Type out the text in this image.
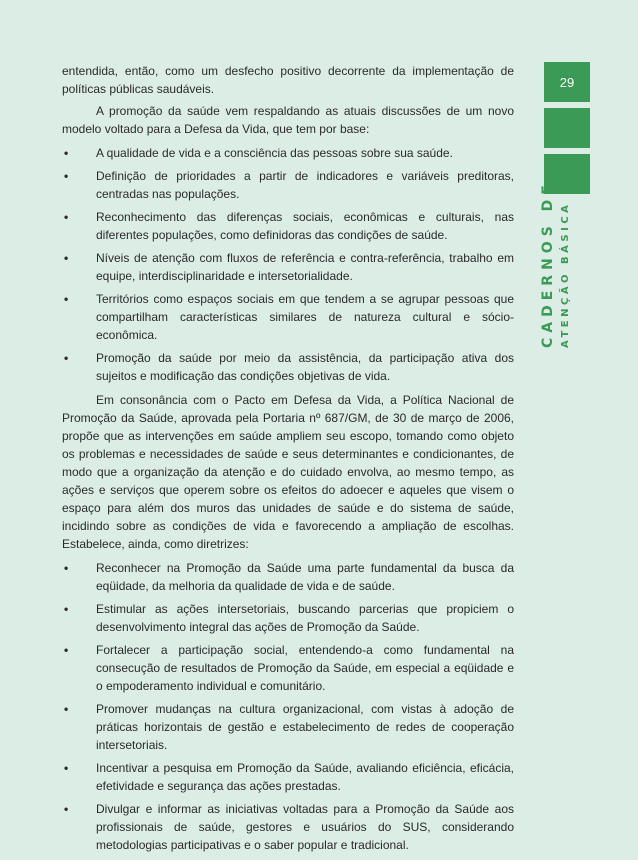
entendida, então, como um desfecho positivo decorrente da implementação de políticas públicas saudáveis.

A promoção da saúde vem respaldando as atuais discussões de um novo modelo voltado para a Defesa da Vida, que tem por base:

• A qualidade de vida e a consciência das pessoas sobre sua saúde.
• Definição de prioridades a partir de indicadores e variáveis preditoras, centradas nas populações.
• Reconhecimento das diferenças sociais, econômicas e culturais, nas diferentes populações, como definidoras das condições de saúde.
• Níveis de atenção com fluxos de referência e contra-referência, trabalho em equipe, interdisciplinaridade e intersetorialidade.
• Territórios como espaços sociais em que tendem a se agrupar pessoas que compartilham características similares de natureza cultural e sócio-econômica.
• Promoção da saúde por meio da assistência, da participação ativa dos sujeitos e modificação das condições objetivas de vida.

Em consonância com o Pacto em Defesa da Vida, a Política Nacional de Promoção da Saúde, aprovada pela Portaria nº 687/GM, de 30 de março de 2006, propõe que as intervenções em saúde ampliem seu escopo, tomando como objeto os problemas e necessidades de saúde e seus determinantes e condicionantes, de modo que a organização da atenção e do cuidado envolva, ao mesmo tempo, as ações e serviços que operem sobre os efeitos do adoecer e aqueles que visem o espaço para além dos muros das unidades de saúde e do sistema de saúde, incidindo sobre as condições de vida e favorecendo a ampliação de escolhas. Estabelece, ainda, como diretrizes:

• Reconhecer na Promoção da Saúde uma parte fundamental da busca da eqüidade, da melhoria da qualidade de vida e de saúde.
• Estimular as ações intersetoriais, buscando parcerias que propiciem o desenvolvimento integral das ações de Promoção da Saúde.
• Fortalecer a participação social, entendendo-a como fundamental na consecução de resultados de Promoção da Saúde, em especial a eqüidade e o empoderamento individual e comunitário.
• Promover mudanças na cultura organizacional, com vistas à adoção de práticas horizontais de gestão e estabelecimento de redes de cooperação intersetoriais.
• Incentivar a pesquisa em Promoção da Saúde, avaliando eficiência, eficácia, efetividade e segurança das ações prestadas.
• Divulgar e informar as iniciativas voltadas para a Promoção da Saúde aos profissionais de saúde, gestores e usuários do SUS, considerando metodologias participativas e o saber popular e tradicional.
29
CADERNOS DE ATENÇÃO BÁSICA
